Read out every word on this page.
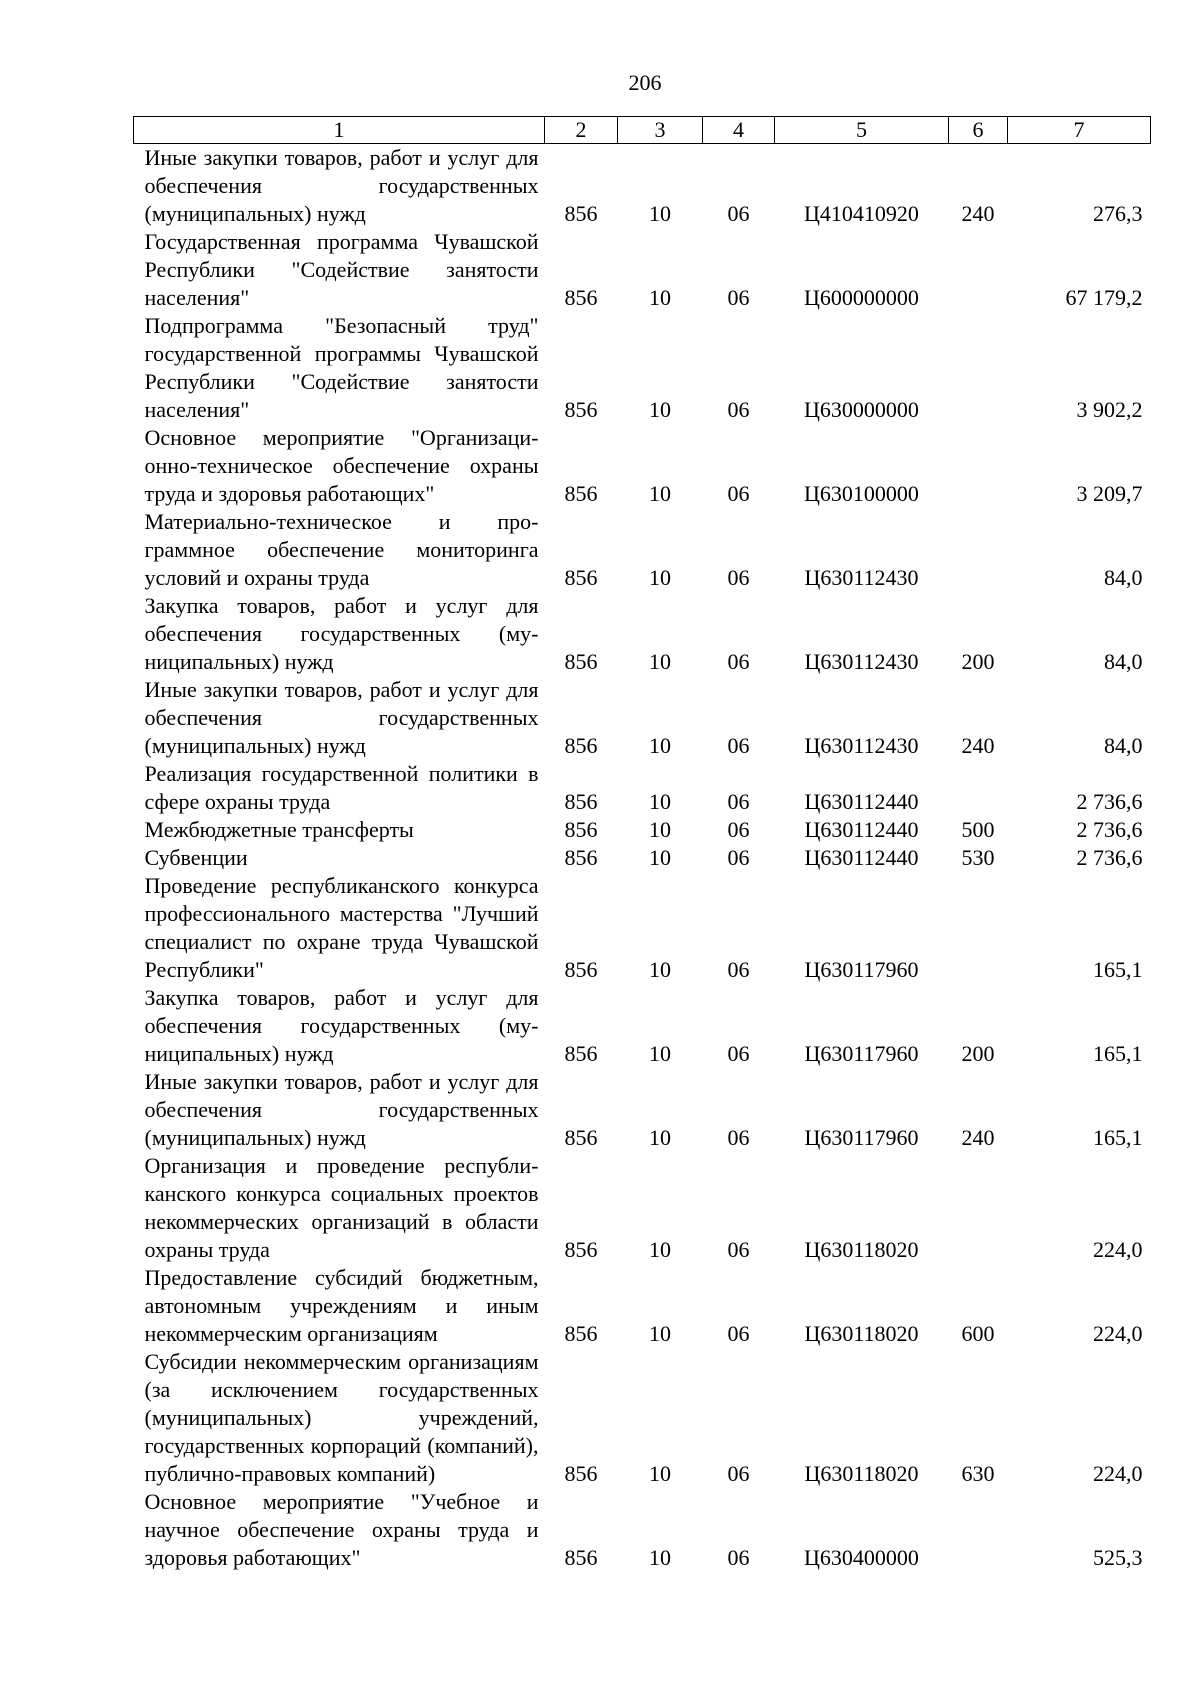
206
1	2	3	4	5	6	7
Иные закупки товаров, работ и услуг для обеспечения государственных (муниципальных) нужд	856	10	06	Ц410410920	240	276,3
Государственная программа Чувашской Республики "Содействие занятости населения"	856	10	06	Ц600000000		67 179,2
Подпрограмма "Безопасный труд" государственной программы Чувашской Республики "Содействие занятости населения"	856	10	06	Ц630000000		3 902,2
Основное мероприятие "Организационно-техническое обеспечение охраны труда и здоровья работающих"	856	10	06	Ц630100000		3 209,7
Материально-техническое и программное обеспечение мониторинга условий и охраны труда	856	10	06	Ц630112430		84,0
Закупка товаров, работ и услуг для обеспечения государственных (муниципальных) нужд	856	10	06	Ц630112430	200	84,0
Иные закупки товаров, работ и услуг для обеспечения государственных (муниципальных) нужд	856	10	06	Ц630112430	240	84,0
Реализация государственной политики в сфере охраны труда	856	10	06	Ц630112440		2 736,6
Межбюджетные трансферты	856	10	06	Ц630112440	500	2 736,6
Субвенции	856	10	06	Ц630112440	530	2 736,6
Проведение республиканского конкурса профессионального мастерства "Лучший специалист по охране труда Чувашской Республики"	856	10	06	Ц630117960		165,1
Закупка товаров, работ и услуг для обеспечения государственных (муниципальных) нужд	856	10	06	Ц630117960	200	165,1
Иные закупки товаров, работ и услуг для обеспечения государственных (муниципальных) нужд	856	10	06	Ц630117960	240	165,1
Организация и проведение республиканского конкурса социальных проектов некоммерческих организаций в области охраны труда	856	10	06	Ц630118020		224,0
Предоставление субсидий бюджетным, автономным учреждениям и иным некоммерческим организациям	856	10	06	Ц630118020	600	224,0
Субсидии некоммерческим организациям (за исключением государственных (муниципальных) учреждений, государственных корпораций (компаний), публично-правовых компаний)	856	10	06	Ц630118020	630	224,0
Основное мероприятие "Учебное и научное обеспечение охраны труда и здоровья работающих"	856	10	06	Ц630400000		525,3
